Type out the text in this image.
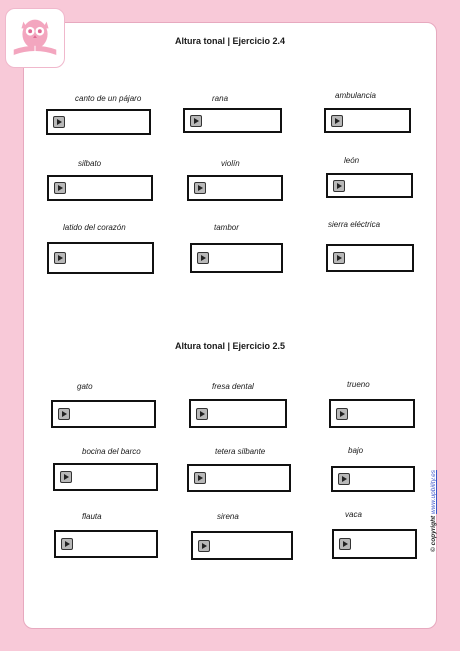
Altura tonal | Ejercicio 2.4
canto de un pájaro	rana	ambulancia
silbato	violín	león
latido del corazón	tambor	sierra eléctrica
Altura tonal | Ejercicio 2.5
gato	fresa dental	trueno
bocina del barco	tetera silbante	bajo
flauta	sirena	vaca
© copyright www.upbility.es
